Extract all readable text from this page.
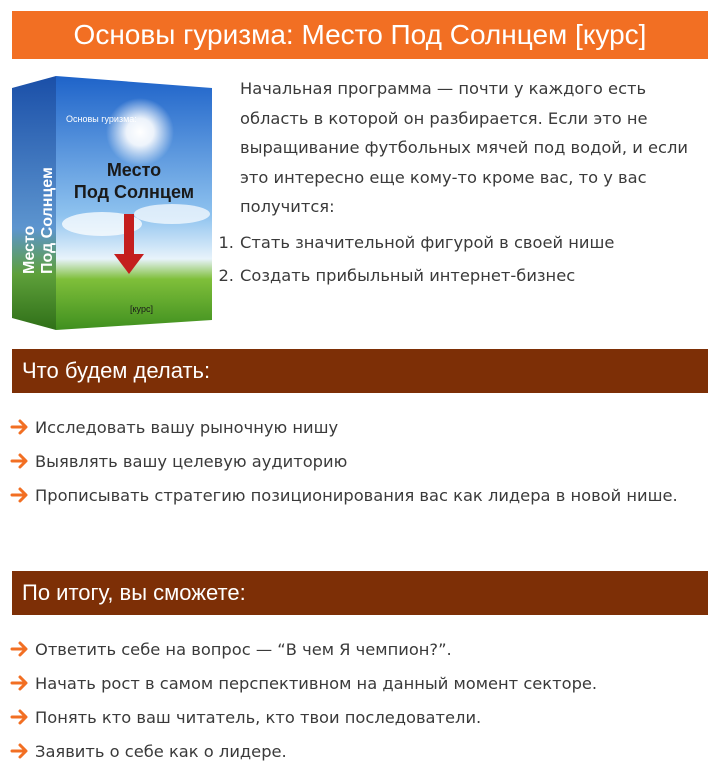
Основы гуризма: Место Под Солнцем [курс]
Основы гуризма:
Место
Под Солнцем
[курс]
Место Под Солнцем

Начальная программа — почти у каждого есть область в которой он разбирается. Если это не выращивание футбольных мячей под водой, и если это интересно еще кому-то кроме вас, то у вас получится:

1. Стать значительной фигурой в своей нише
2. Создать прибыльный интернет-бизнес
Что будем делать:
Исследовать вашу рыночную нишу
Выявлять вашу целевую аудиторию
Прописывать стратегию позиционирования вас как лидера в новой нише.
По итогу, вы сможете:
Ответить себе на вопрос — “В чем Я чемпион?”.
Начать рост в самом перспективном на данный момент секторе.
Понять кто ваш читатель, кто твои последователи.
Заявить о себе как о лидере.
